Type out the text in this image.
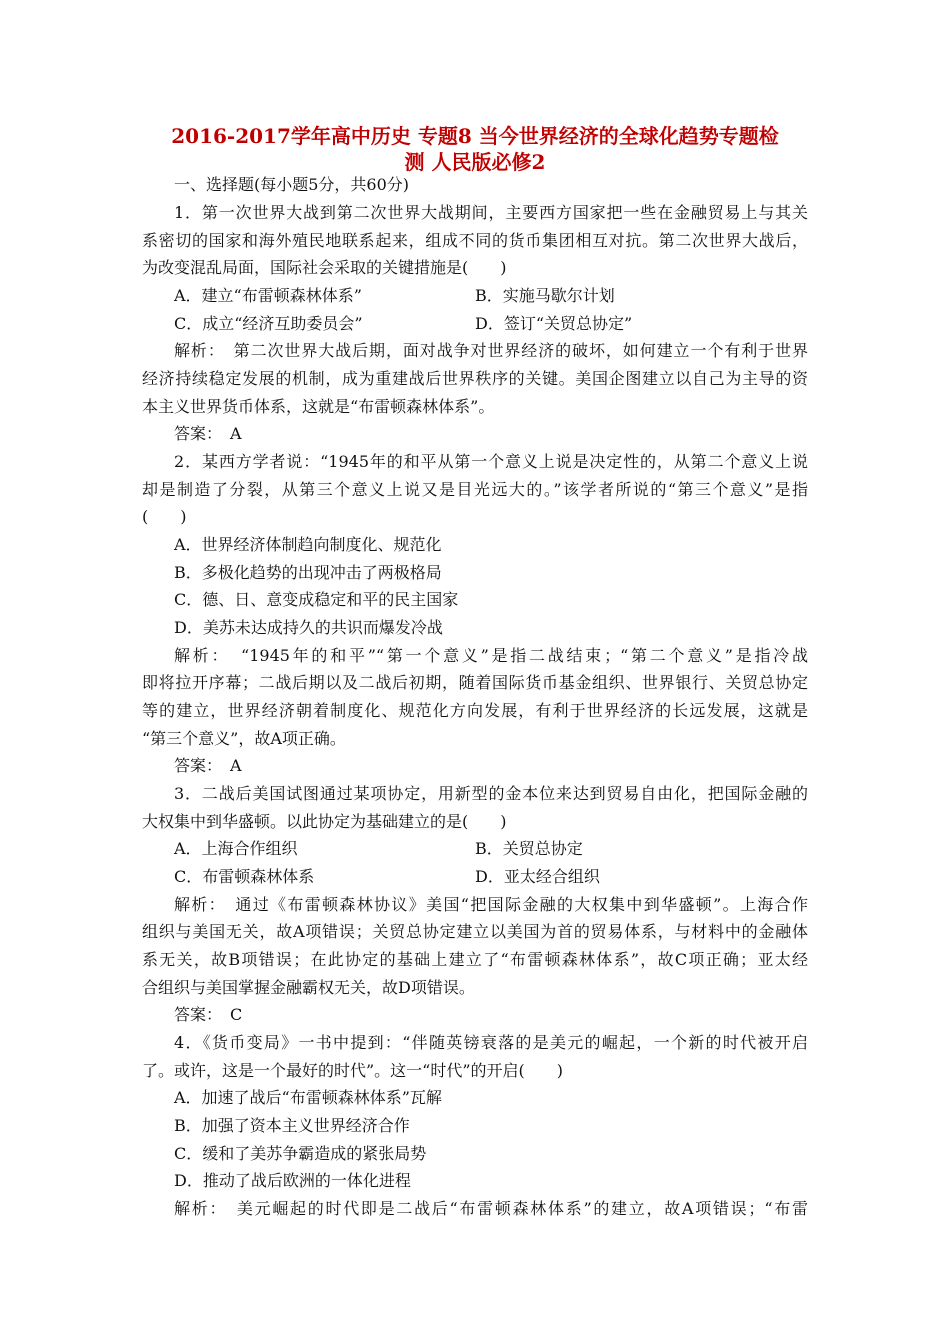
2016-2017学年高中历史 专题8 当今世界经济的全球化趋势专题检
测 人民版必修2

一、选择题(每小题5分，共60分)

1．第一次世界大战到第二次世界大战期间，主要西方国家把一些在金融贸易上与其关

系密切的国家和海外殖民地联系起来，组成不同的货币集团相互对抗。第二次世界大战后，

为改变混乱局面，国际社会采取的关键措施是(　　)

A．建立“布雷顿森林体系”	B．实施马歇尔计划

C．成立“经济互助委员会”	D．签订“关贸总协定”

解析：　第二次世界大战后期，面对战争对世界经济的破坏，如何建立一个有利于世界

经济持续稳定发展的机制，成为重建战后世界秩序的关键。美国企图建立以自己为主导的资

本主义世界货币体系，这就是“布雷顿森林体系”。

答案：　A

2．某西方学者说：“1945年的和平从第一个意义上说是决定性的，从第二个意义上说

却是制造了分裂，从第三个意义上说又是目光远大的。”该学者所说的“第三个意义”是指

(　　)

A．世界经济体制趋向制度化、规范化

B．多极化趋势的出现冲击了两极格局

C．德、日、意变成稳定和平的民主国家

D．美苏未达成持久的共识而爆发冷战

解析：　“1945年的和平”“第一个意义”是指二战结束；“第二个意义”是指冷战

即将拉开序幕；二战后期以及二战后初期，随着国际货币基金组织、世界银行、关贸总协定

等的建立，世界经济朝着制度化、规范化方向发展，有利于世界经济的长远发展，这就是

“第三个意义”，故A项正确。

答案：　A

3．二战后美国试图通过某项协定，用新型的金本位来达到贸易自由化，把国际金融的

大权集中到华盛顿。以此协定为基础建立的是(　　)

A．上海合作组织	B．关贸总协定

C．布雷顿森林体系	D．亚太经合组织

解析：　通过《布雷顿森林协议》美国“把国际金融的大权集中到华盛顿”。上海合作

组织与美国无关，故A项错误；关贸总协定建立以美国为首的贸易体系，与材料中的金融体

系无关，故B项错误；在此协定的基础上建立了“布雷顿森林体系”，故C项正确；亚太经

合组织与美国掌握金融霸权无关，故D项错误。

答案：　C

4．《货币变局》一书中提到：“伴随英镑衰落的是美元的崛起，一个新的时代被开启

了。或许，这是一个最好的时代”。这一“时代”的开启(　　)

A．加速了战后“布雷顿森林体系”瓦解

B．加强了资本主义世界经济合作

C．缓和了美苏争霸造成的紧张局势

D．推动了战后欧洲的一体化进程

解析：　美元崛起的时代即是二战后“布雷顿森林体系”的建立，故A项错误；“布雷
